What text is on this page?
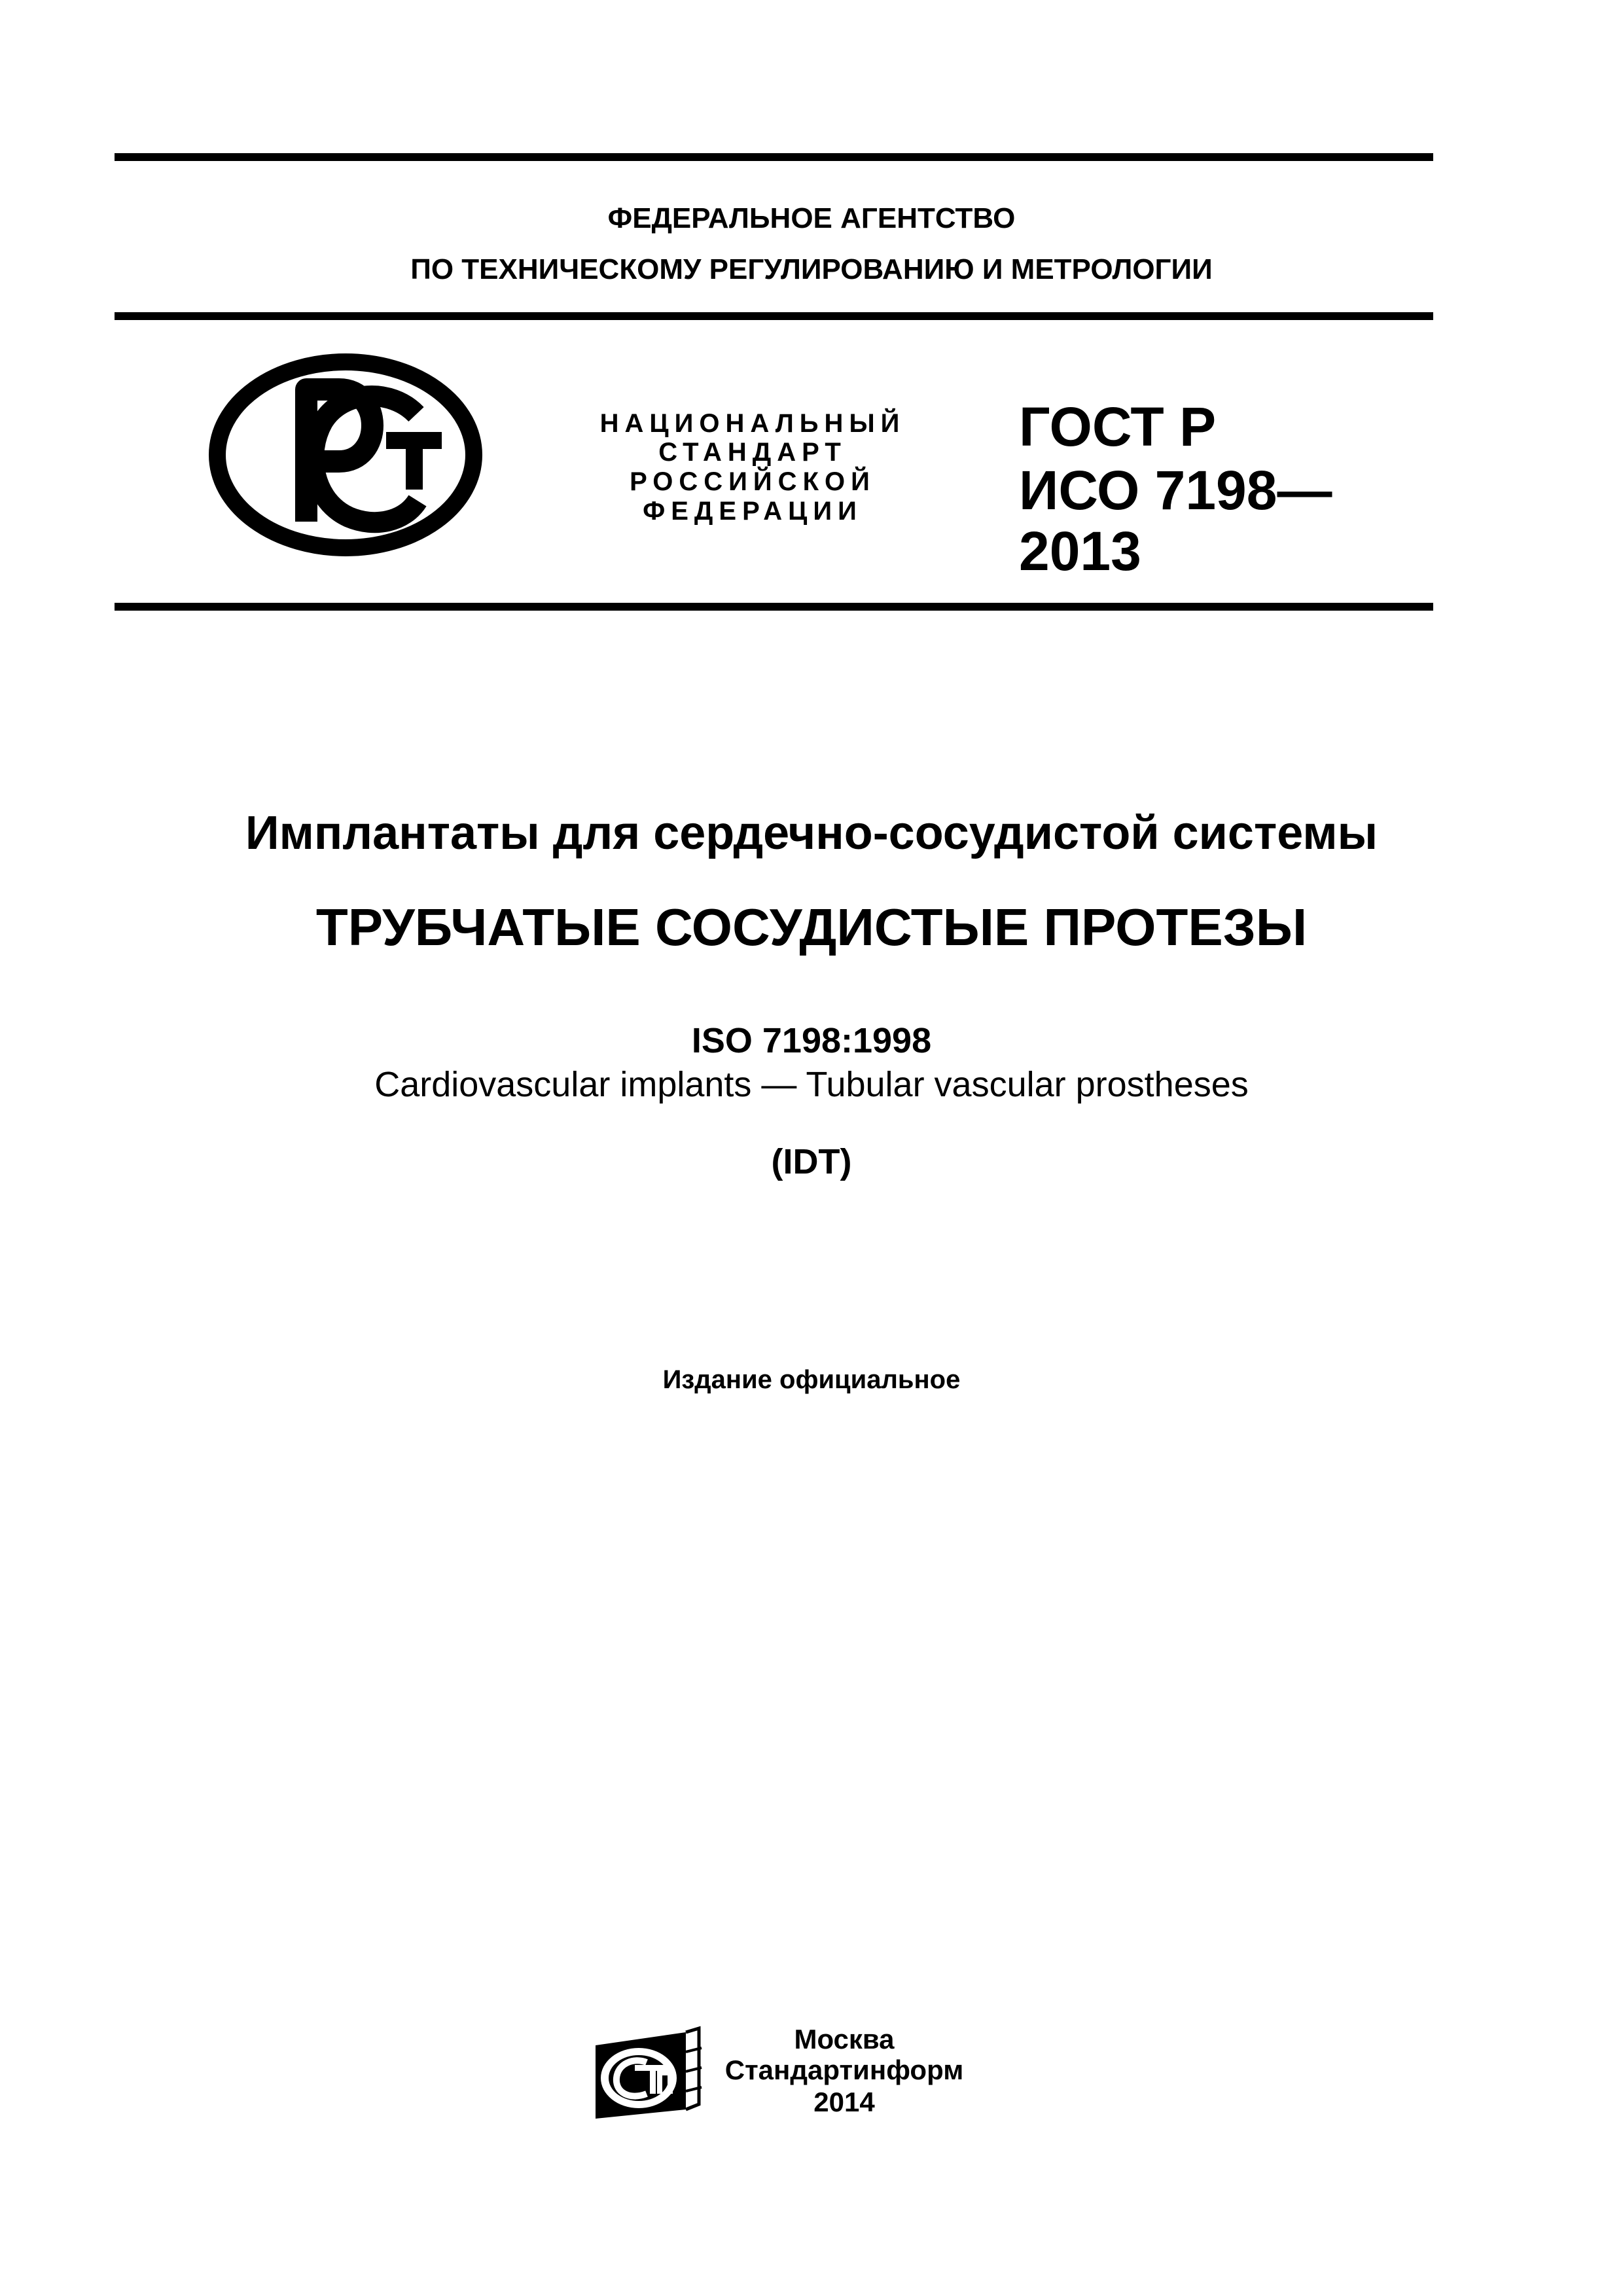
ФЕДЕРАЛЬНОЕ АГЕНТСТВО
ПО ТЕХНИЧЕСКОМУ РЕГУЛИРОВАНИЮ И МЕТРОЛОГИИ
НАЦИОНАЛЬНЫЙ
СТАНДАРТ
РОССИЙСКОЙ
ФЕДЕРАЦИИ
ГОСТ Р
ИСО 7198—
2013
Имплантаты для сердечно-сосудистой системы
ТРУБЧАТЫЕ СОСУДИСТЫЕ ПРОТЕЗЫ
ISO 7198:1998
Cardiovascular implants — Tubular vascular prostheses
(IDT)
Издание официальное
Москва
Стандартинформ
2014
